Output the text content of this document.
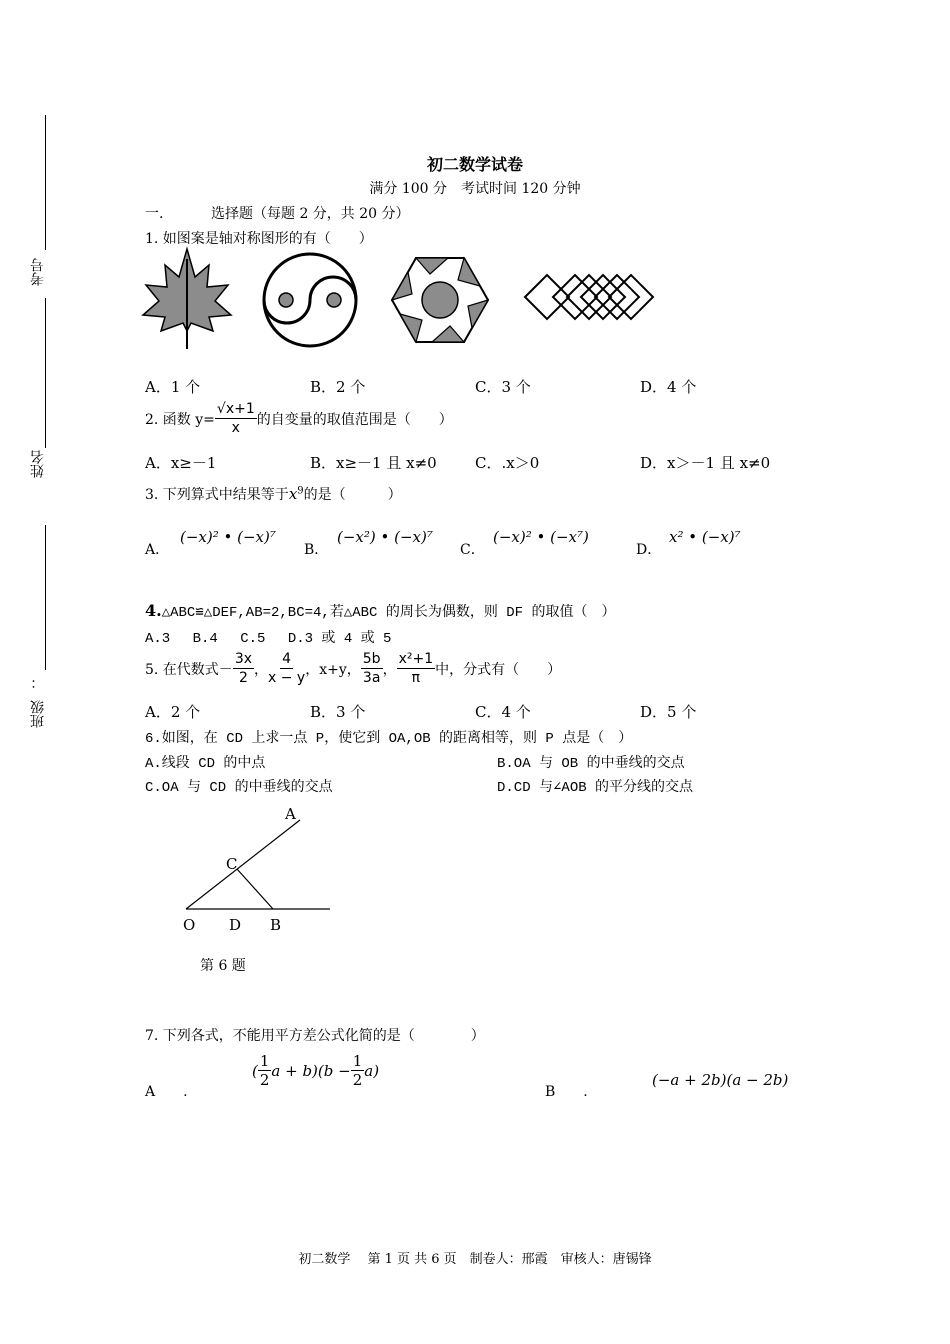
考号
姓名
：
班级
初二数学试卷
满分 100 分　考试时间 120 分钟
一.	选择题（每题 2 分，共 20 分）
1. 如图案是轴对称图形的有（　　）
A．1 个	B．2 个	C．3 个	D．4 个
2. 函数 $y= \frac{√x+1}{x}$ 的自变量的取值范围是（　　）
A．x≥－1	B．x≥－1 且 x≠0	C．.x＞0	D．x＞－1 且 x≠0
3. 下列算式中结果等于$x^9$的是（　　　）
A．
(−x)² • (−x)⁷
B．
(−x²) • (−x)⁷
C．
(−x)² • (−x⁷)
D．
x² • (−x)⁷
4.△ABC≌△DEF,AB=2,BC=4,若△ABC 的周长为偶数，则 DF 的取值（　）
A.3　 B.4　 C.5　 D.3 或 4 或 5
5. 在代数式－ $\frac{3x}{2}$ ， $\frac{4}{x - y}$ ， x+y， $\frac{5b}{3a}$ ， $\frac{\text{x²+1}}{\pi}$ 中，分式有（　　）
A．2 个	B．3 个	C．4 个	D．5 个
6.如图，在 CD 上求一点 P，使它到 OA,OB 的距离相等，则 P 点是（　）
A.线段 CD 的中点	B.OA 与 OB 的中垂线的交点
C.OA 与 CD 的中垂线的交点	D.CD 与∠AOB 的平分线的交点
A
C
O D B
第 6 题
7. 下列各式，不能用平方差公式化简的是（　　　　）
A　　.
( $\frac{1}{2}$ $a + b)(b - \frac{1}{2} a)$
B　　.
(−a + 2b)(a − 2b)
初二数学　 第 1 页 共 6 页　制卷人：邢霞　审核人：唐锡锋
